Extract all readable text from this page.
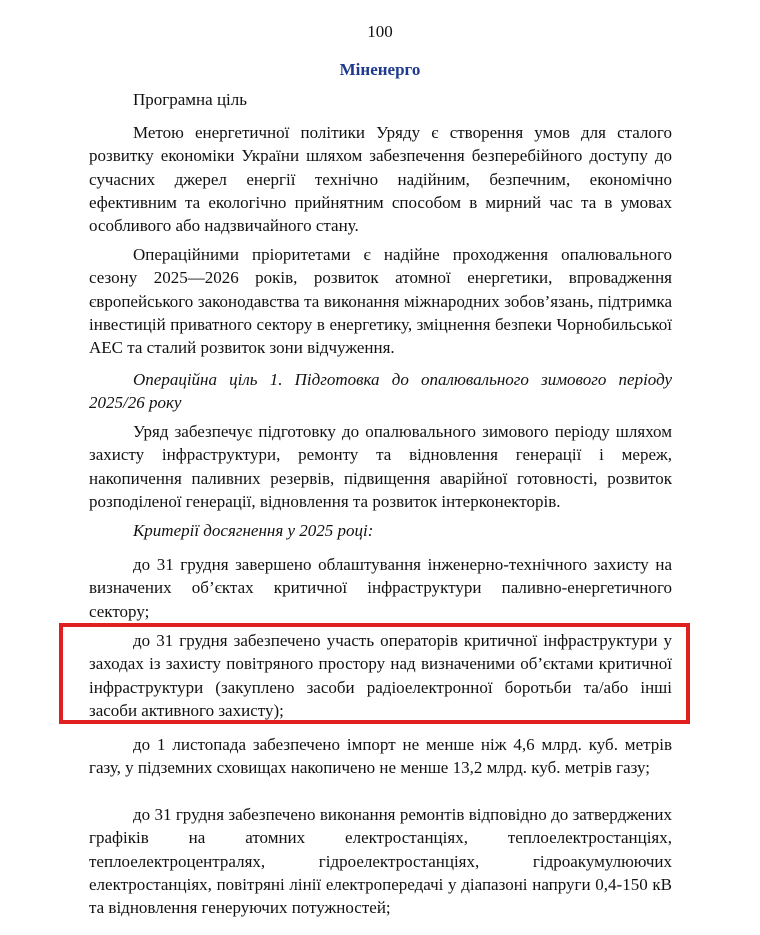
100
Міненерго
Програмна ціль
Метою енергетичної політики Уряду є створення умов для сталого розвитку економіки України шляхом забезпечення безперебійного доступу до сучасних джерел енергії технічно надійним, безпечним, економічно ефективним та екологічно прийнятним способом в мирний час та в умовах особливого або надзвичайного стану.
Операційними пріоритетами є надійне проходження опалювального сезону 2025—2026 років, розвиток атомної енергетики, впровадження європейського законодавства та виконання міжнародних зобов’язань, підтримка інвестицій приватного сектору в енергетику, зміцнення безпеки Чорнобильської АЕС та сталий розвиток зони відчуження.
Операційна ціль 1. Підготовка до опалювального зимового періоду 2025/26 року
Уряд забезпечує підготовку до опалювального зимового періоду шляхом захисту інфраструктури, ремонту та відновлення генерації і мереж, накопичення паливних резервів, підвищення аварійної готовності, розвиток розподіленої генерації, відновлення та розвиток інтерконекторів.
Критерії досягнення у 2025 році:
до 31 грудня завершено облаштування інженерно-технічного захисту на визначених об’єктах критичної інфраструктури паливно-енергетичного сектору;
до 31 грудня забезпечено участь операторів критичної інфраструктури у заходах із захисту повітряного простору над визначеними об’єктами критичної інфраструктури (закуплено засоби радіоелектронної боротьби та/або інші засоби активного захисту);
до 1 листопада забезпечено імпорт не менше ніж 4,6 млрд. куб. метрів газу, у підземних сховищах накопичено не менше 13,2 млрд. куб. метрів газу;
до 31 грудня забезпечено виконання ремонтів відповідно до затверджених графіків на атомних електростанціях, теплоелектростанціях, теплоелектроцентралях, гідроелектростанціях, гідроакумулюючих електростанціях, повітряні лінії електропередачі у діапазоні напруги 0,4-150 кВ та відновлення генеруючих потужностей;
